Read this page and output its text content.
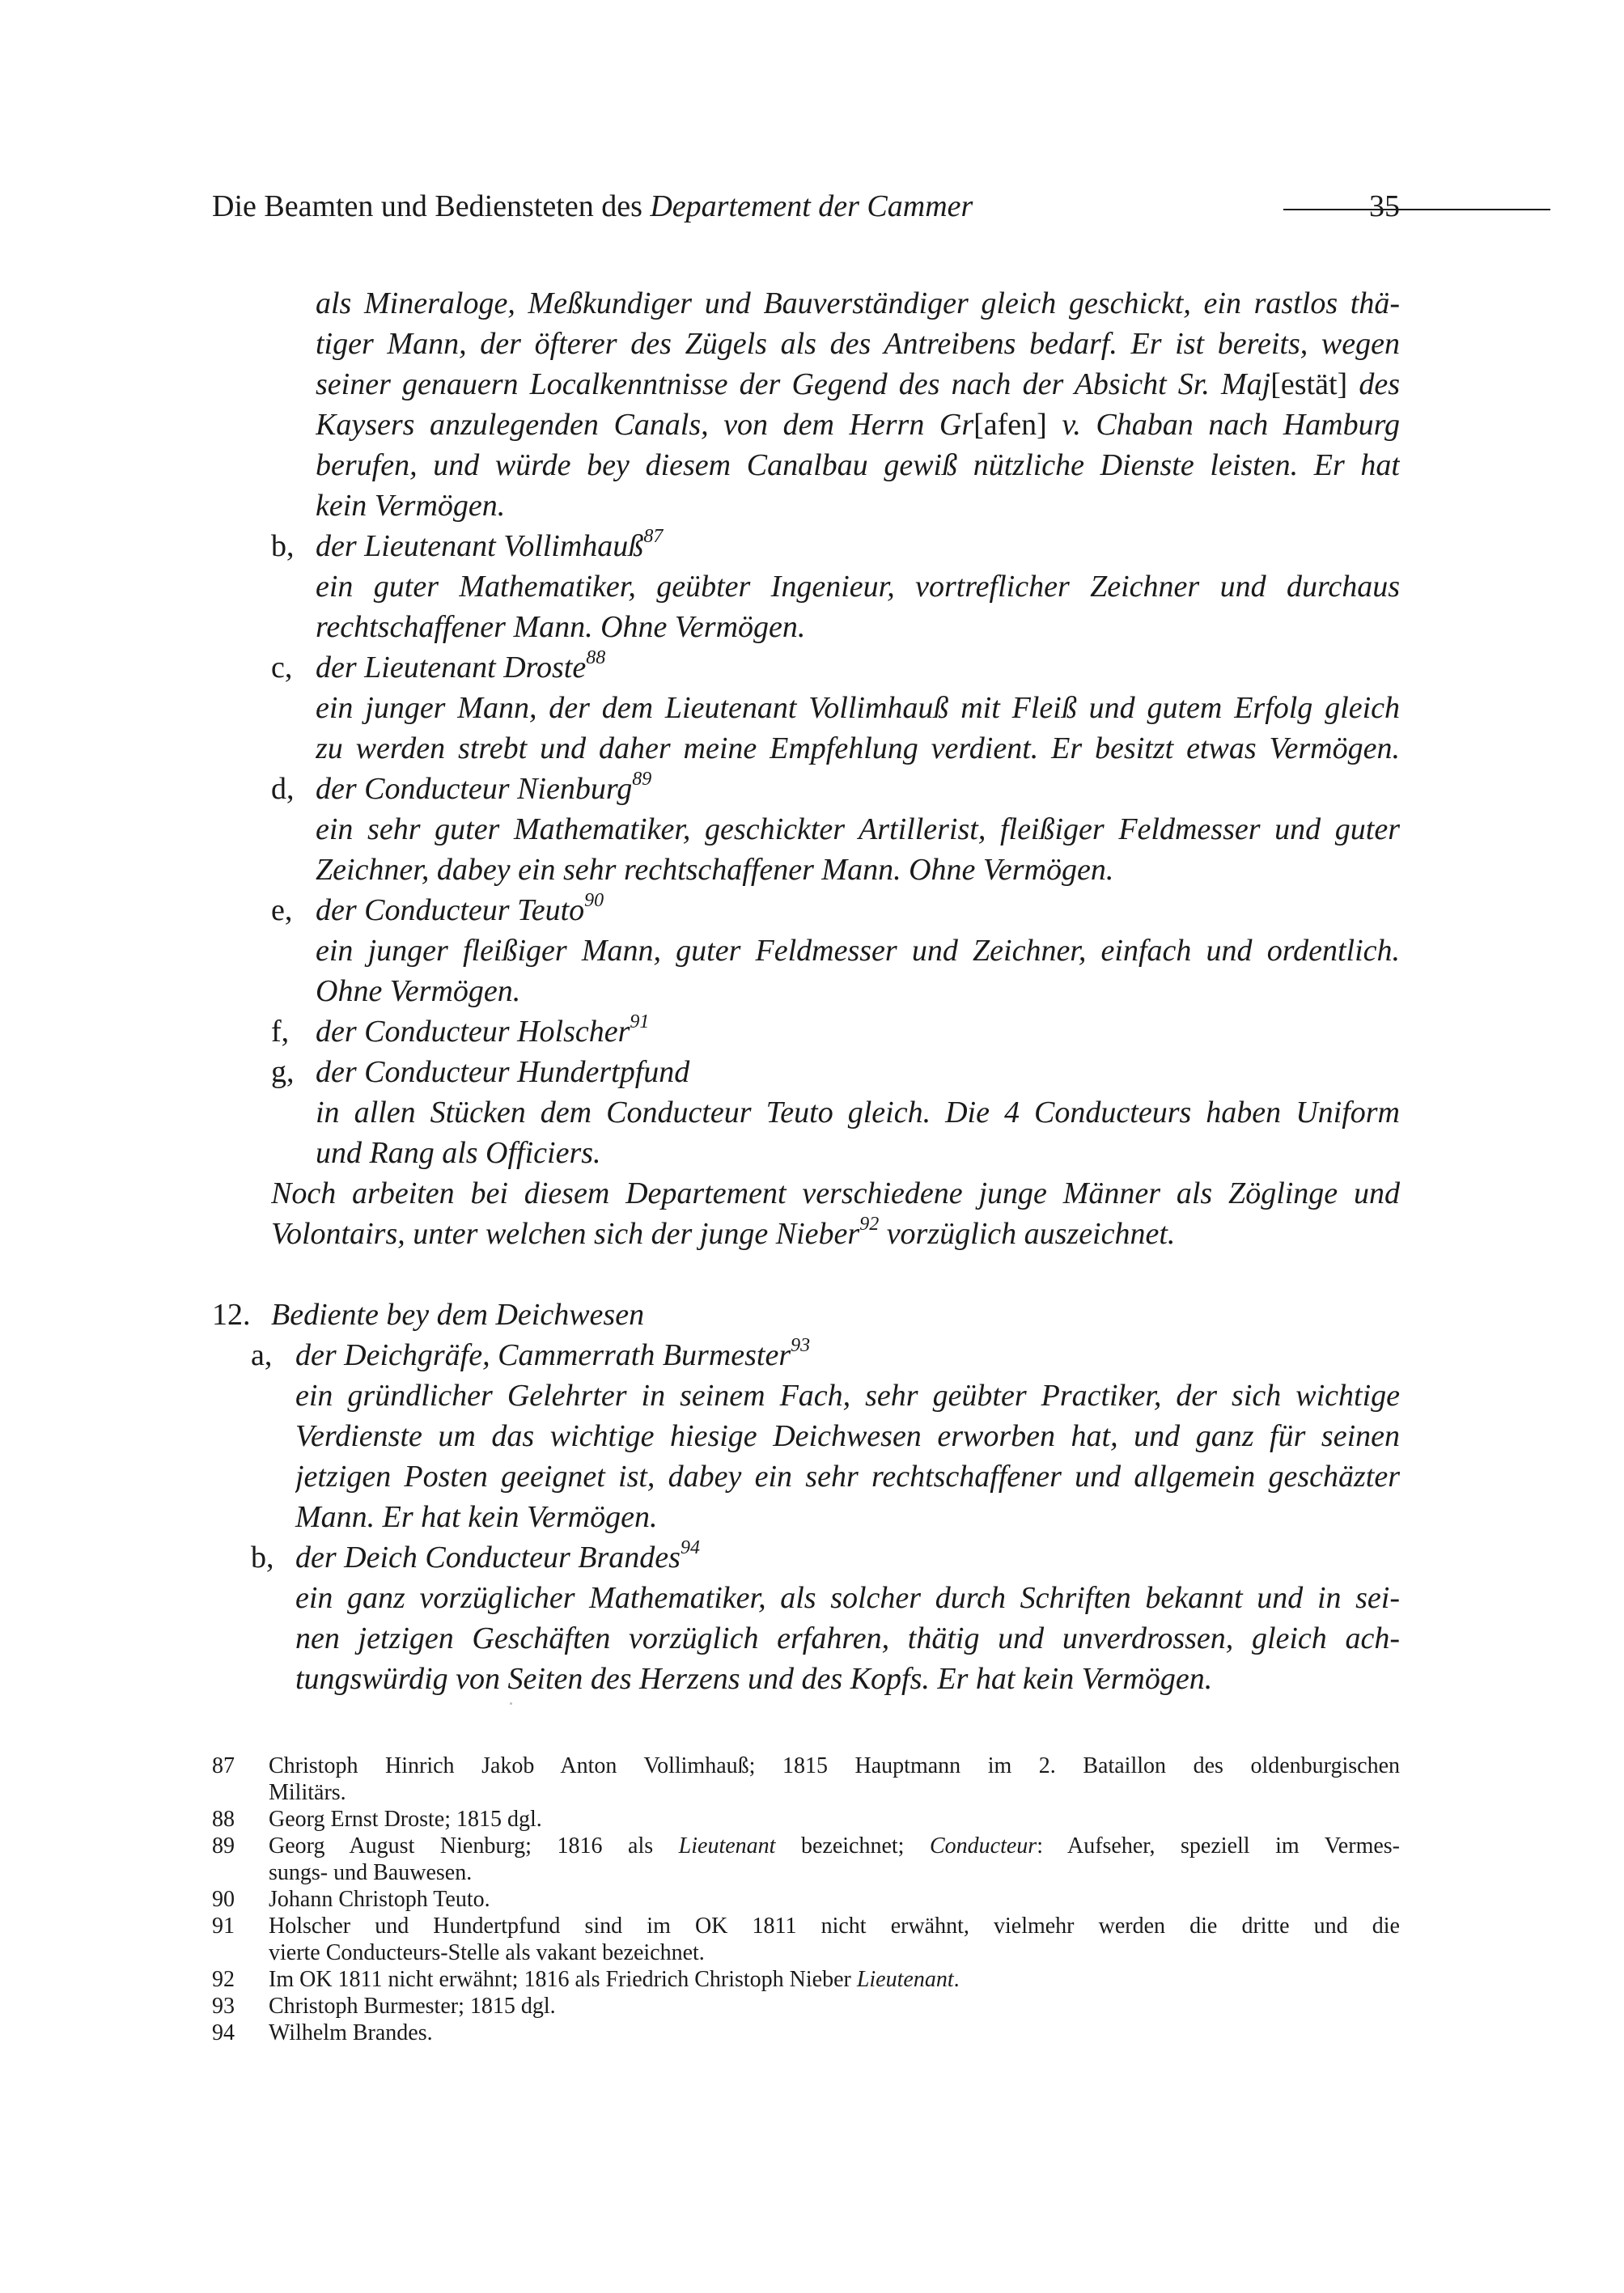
Die Beamten und Bediensteten des Departement der Cammer	35
als Mineraloge, Meßkundiger und Bauverständiger gleich geschickt, ein rastlos thä-
tiger Mann, der öfterer des Zügels als des Antreibens bedarf. Er ist bereits, wegen
seiner genauern Localkenntnisse der Gegend des nach der Absicht Sr. Maj[estät] des
Kaysers anzulegenden Canals, von dem Herrn Gr[afen] v. Chaban nach Hamburg
berufen, und würde bey diesem Canalbau gewiß nützliche Dienste leisten. Er hat
kein Vermögen.
b, der Lieutenant Vollimhauß$^{87}$
ein guter Mathematiker, geübter Ingenieur, vortreflicher Zeichner und durchaus
rechtschaffener Mann. Ohne Vermögen.
c, der Lieutenant Droste$^{88}$
ein junger Mann, der dem Lieutenant Vollimhauß mit Fleiß und gutem Erfolg gleich
zu werden strebt und daher meine Empfehlung verdient. Er besitzt etwas Vermögen.
d, der Conducteur Nienburg$^{89}$
ein sehr guter Mathematiker, geschickter Artillerist, fleißiger Feldmesser und guter
Zeichner, dabey ein sehr rechtschaffener Mann. Ohne Vermögen.
e, der Conducteur Teuto$^{90}$
ein junger fleißiger Mann, guter Feldmesser und Zeichner, einfach und ordentlich.
Ohne Vermögen.
f, der Conducteur Holscher$^{91}$
g, der Conducteur Hundertpfund
in allen Stücken dem Conducteur Teuto gleich. Die 4 Conducteurs haben Uniform
und Rang als Officiers.
Noch arbeiten bei diesem Departement verschiedene junge Männer als Zöglinge und
Volontairs, unter welchen sich der junge Nieber$^{92}$ vorzüglich auszeichnet.
12. Bediente bey dem Deichwesen
a, der Deichgräfe, Cammerrath Burmester$^{93}$
ein gründlicher Gelehrter in seinem Fach, sehr geübter Practiker, der sich wichtige
Verdienste um das wichtige hiesige Deichwesen erworben hat, und ganz für seinen
jetzigen Posten geeignet ist, dabey ein sehr rechtschaffener und allgemein geschäzter
Mann. Er hat kein Vermögen.
b, der Deich Conducteur Brandes$^{94}$
ein ganz vorzüglicher Mathematiker, als solcher durch Schriften bekannt und in sei-
nen jetzigen Geschäften vorzüglich erfahren, thätig und unverdrossen, gleich ach-
tungswürdig von Seiten des Herzens und des Kopfs. Er hat kein Vermögen.
87 Christoph Hinrich Jakob Anton Vollimhauß; 1815 Hauptmann im 2. Bataillon des oldenburgischen
Militärs.
88 Georg Ernst Droste; 1815 dgl.
89 Georg August Nienburg; 1816 als Lieutenant bezeichnet; Conducteur: Aufseher, speziell im Vermes-
sungs- und Bauwesen.
90 Johann Christoph Teuto.
91 Holscher und Hundertpfund sind im OK 1811 nicht erwähnt, vielmehr werden die dritte und die
vierte Conducteurs-Stelle als vakant bezeichnet.
92 Im OK 1811 nicht erwähnt; 1816 als Friedrich Christoph Nieber Lieutenant.
93 Christoph Burmester; 1815 dgl.
94 Wilhelm Brandes.
